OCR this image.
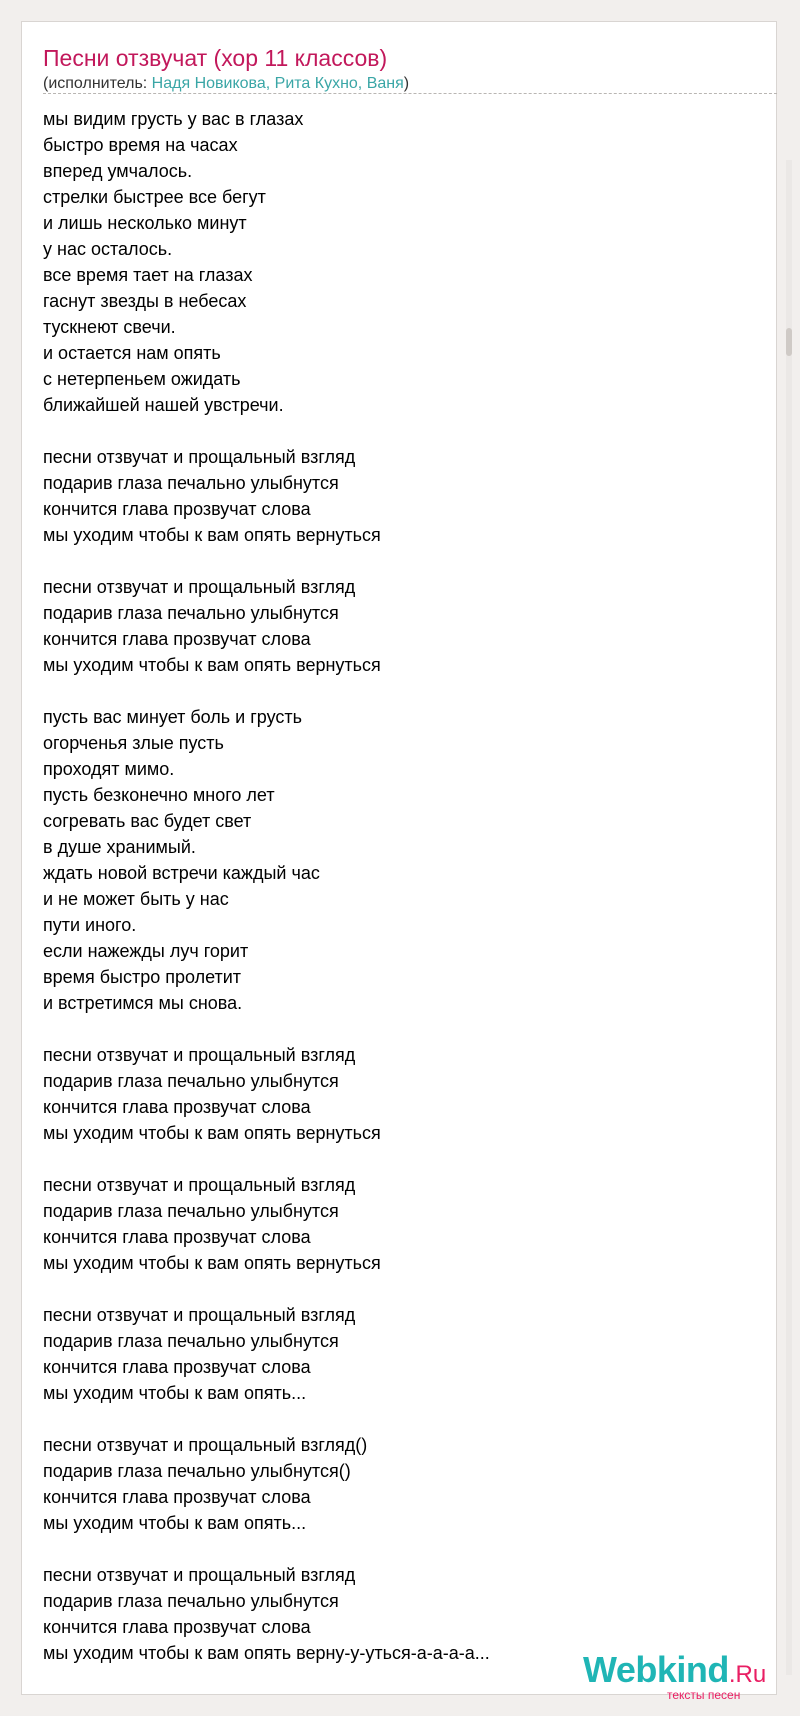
Песни отзвучат (хор 11 классов)
(исполнитель: Надя Новикова, Рита Кухно, Ваня)
мы видим грусть у вас в глазах
быстро время на часах
вперед умчалось.
стрелки быстрее все бегут
и лишь несколько минут
у нас осталось.
все время тает на глазах
гаснут звезды в небесах
тускнеют свечи.
и остается нам опять
с нетерпеньем ожидать
ближайшей нашей увстречи.
песни отзвучат и прощальный взгляд
подарив глаза печально улыбнутся
кончится глава прозвучат слова
мы уходим чтобы к вам опять вернуться
песни отзвучат и прощальный взгляд
подарив глаза печально улыбнутся
кончится глава прозвучат слова
мы уходим чтобы к вам опять вернуться
пусть вас минует боль и грусть
огорченья злые пусть
проходят мимо.
пусть безконечно много лет
согревать вас будет свет
в душе хранимый.
ждать новой встречи каждый час
и не может быть у нас
пути иного.
если нажежды луч горит
время быстро пролетит
и встретимся мы снова.
песни отзвучат и прощальный взгляд
подарив глаза печально улыбнутся
кончится глава прозвучат слова
мы уходим чтобы к вам опять вернуться
песни отзвучат и прощальный взгляд
подарив глаза печально улыбнутся
кончится глава прозвучат слова
мы уходим чтобы к вам опять вернуться
песни отзвучат и прощальный взгляд
подарив глаза печально улыбнутся
кончится глава прозвучат слова
мы уходим чтобы к вам опять...
песни отзвучат и прощальный взгляд()
подарив глаза печально улыбнутся()
кончится глава прозвучат слова
мы уходим чтобы к вам опять...
песни отзвучат и прощальный взгляд
подарив глаза печально улыбнутся
кончится глава прозвучат слова
мы уходим чтобы к вам опять верну-у-уться-а-а-а-а...	Webkind.Ru
тексты песен
